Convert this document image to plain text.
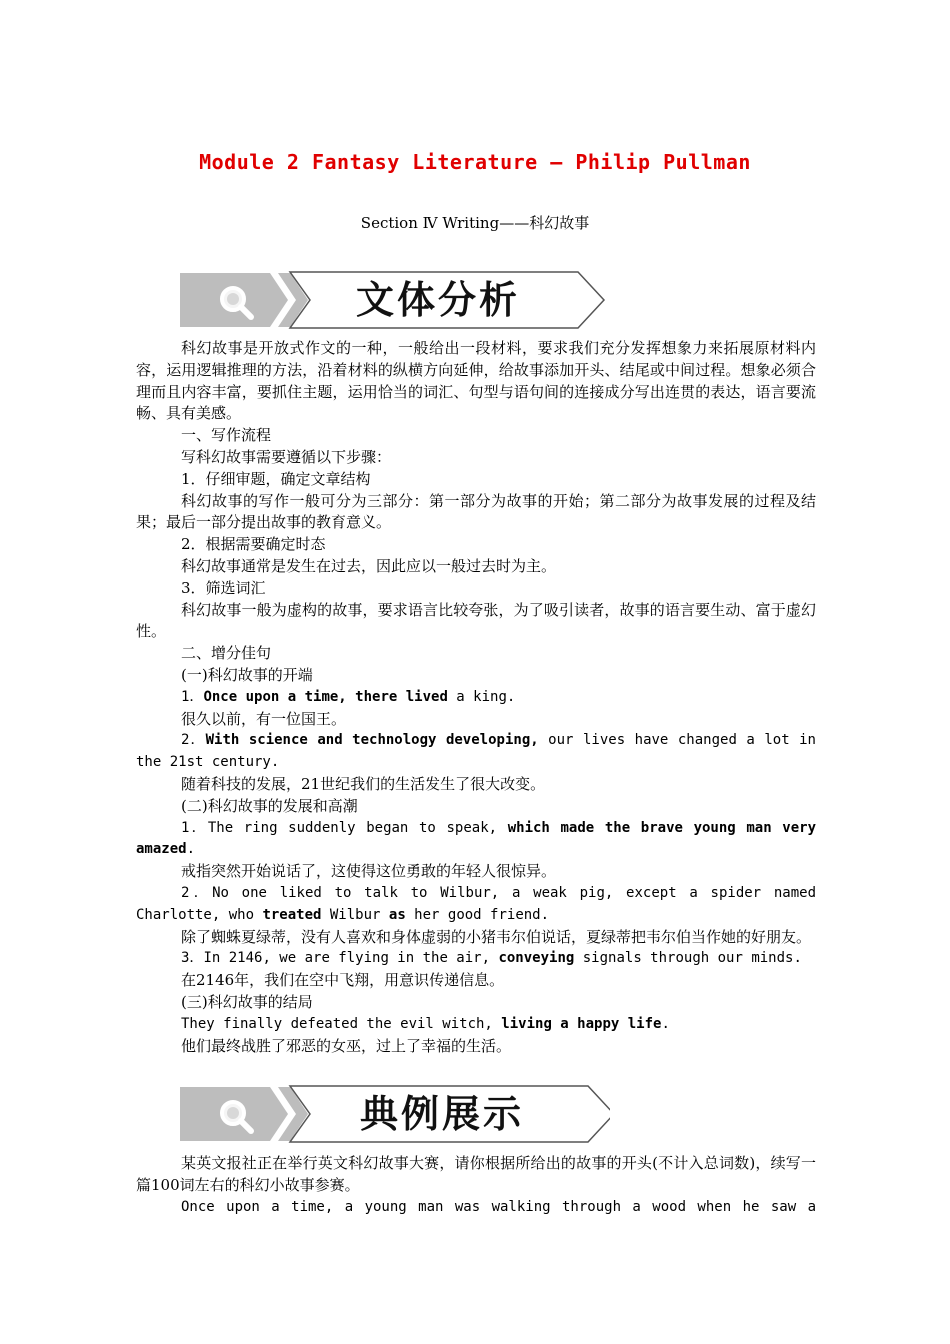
Module 2 Fantasy Literature – Philip Pullman
Section Ⅳ Writing——科幻故事
文体分析

科幻故事是开放式作文的一种，一般给出一段材料，要求我们充分发挥想象力来拓展原材料内容，运用逻辑推理的方法，沿着材料的纵横方向延伸，给故事添加开头、结尾或中间过程。想象必须合理而且内容丰富，要抓住主题，运用恰当的词汇、句型与语句间的连接成分写出连贯的表达，语言要流畅、具有美感。

一、写作流程

写科幻故事需要遵循以下步骤：

1．仔细审题，确定文章结构

科幻故事的写作一般可分为三部分：第一部分为故事的开始；第二部分为故事发展的过程及结果；最后一部分提出故事的教育意义。

2．根据需要确定时态

科幻故事通常是发生在过去，因此应以一般过去时为主。

3．筛选词汇

科幻故事一般为虚构的故事，要求语言比较夸张，为了吸引读者，故事的语言要生动、富于虚幻性。

二、增分佳句

(一)科幻故事的开端

1．Once upon a time, there lived a king.

很久以前，有一位国王。

2．With science and technology developing, our lives have changed a lot in the 21st century.

随着科技的发展，21世纪我们的生活发生了很大改变。

(二)科幻故事的发展和高潮

1．The ring suddenly began to speak, which made the brave young man very amazed.

戒指突然开始说话了，这使得这位勇敢的年轻人很惊异。

2．No one liked to talk to Wilbur, a weak pig, except a spider named Charlotte, who treated Wilbur as her good friend.

除了蜘蛛夏绿蒂，没有人喜欢和身体虚弱的小猪韦尔伯说话，夏绿蒂把韦尔伯当作她的好朋友。

3．In 2146, we are flying in the air, conveying signals through our minds.

在2146年，我们在空中飞翔，用意识传递信息。

(三)科幻故事的结局

They finally defeated the evil witch, living a happy life.

他们最终战胜了邪恶的女巫，过上了幸福的生活。

典例展示

某英文报社正在举行英文科幻故事大赛，请你根据所给出的故事的开头(不计入总词数)，续写一篇100词左右的科幻小故事参赛。

Once upon a time, a young man was walking through a wood when he saw a
